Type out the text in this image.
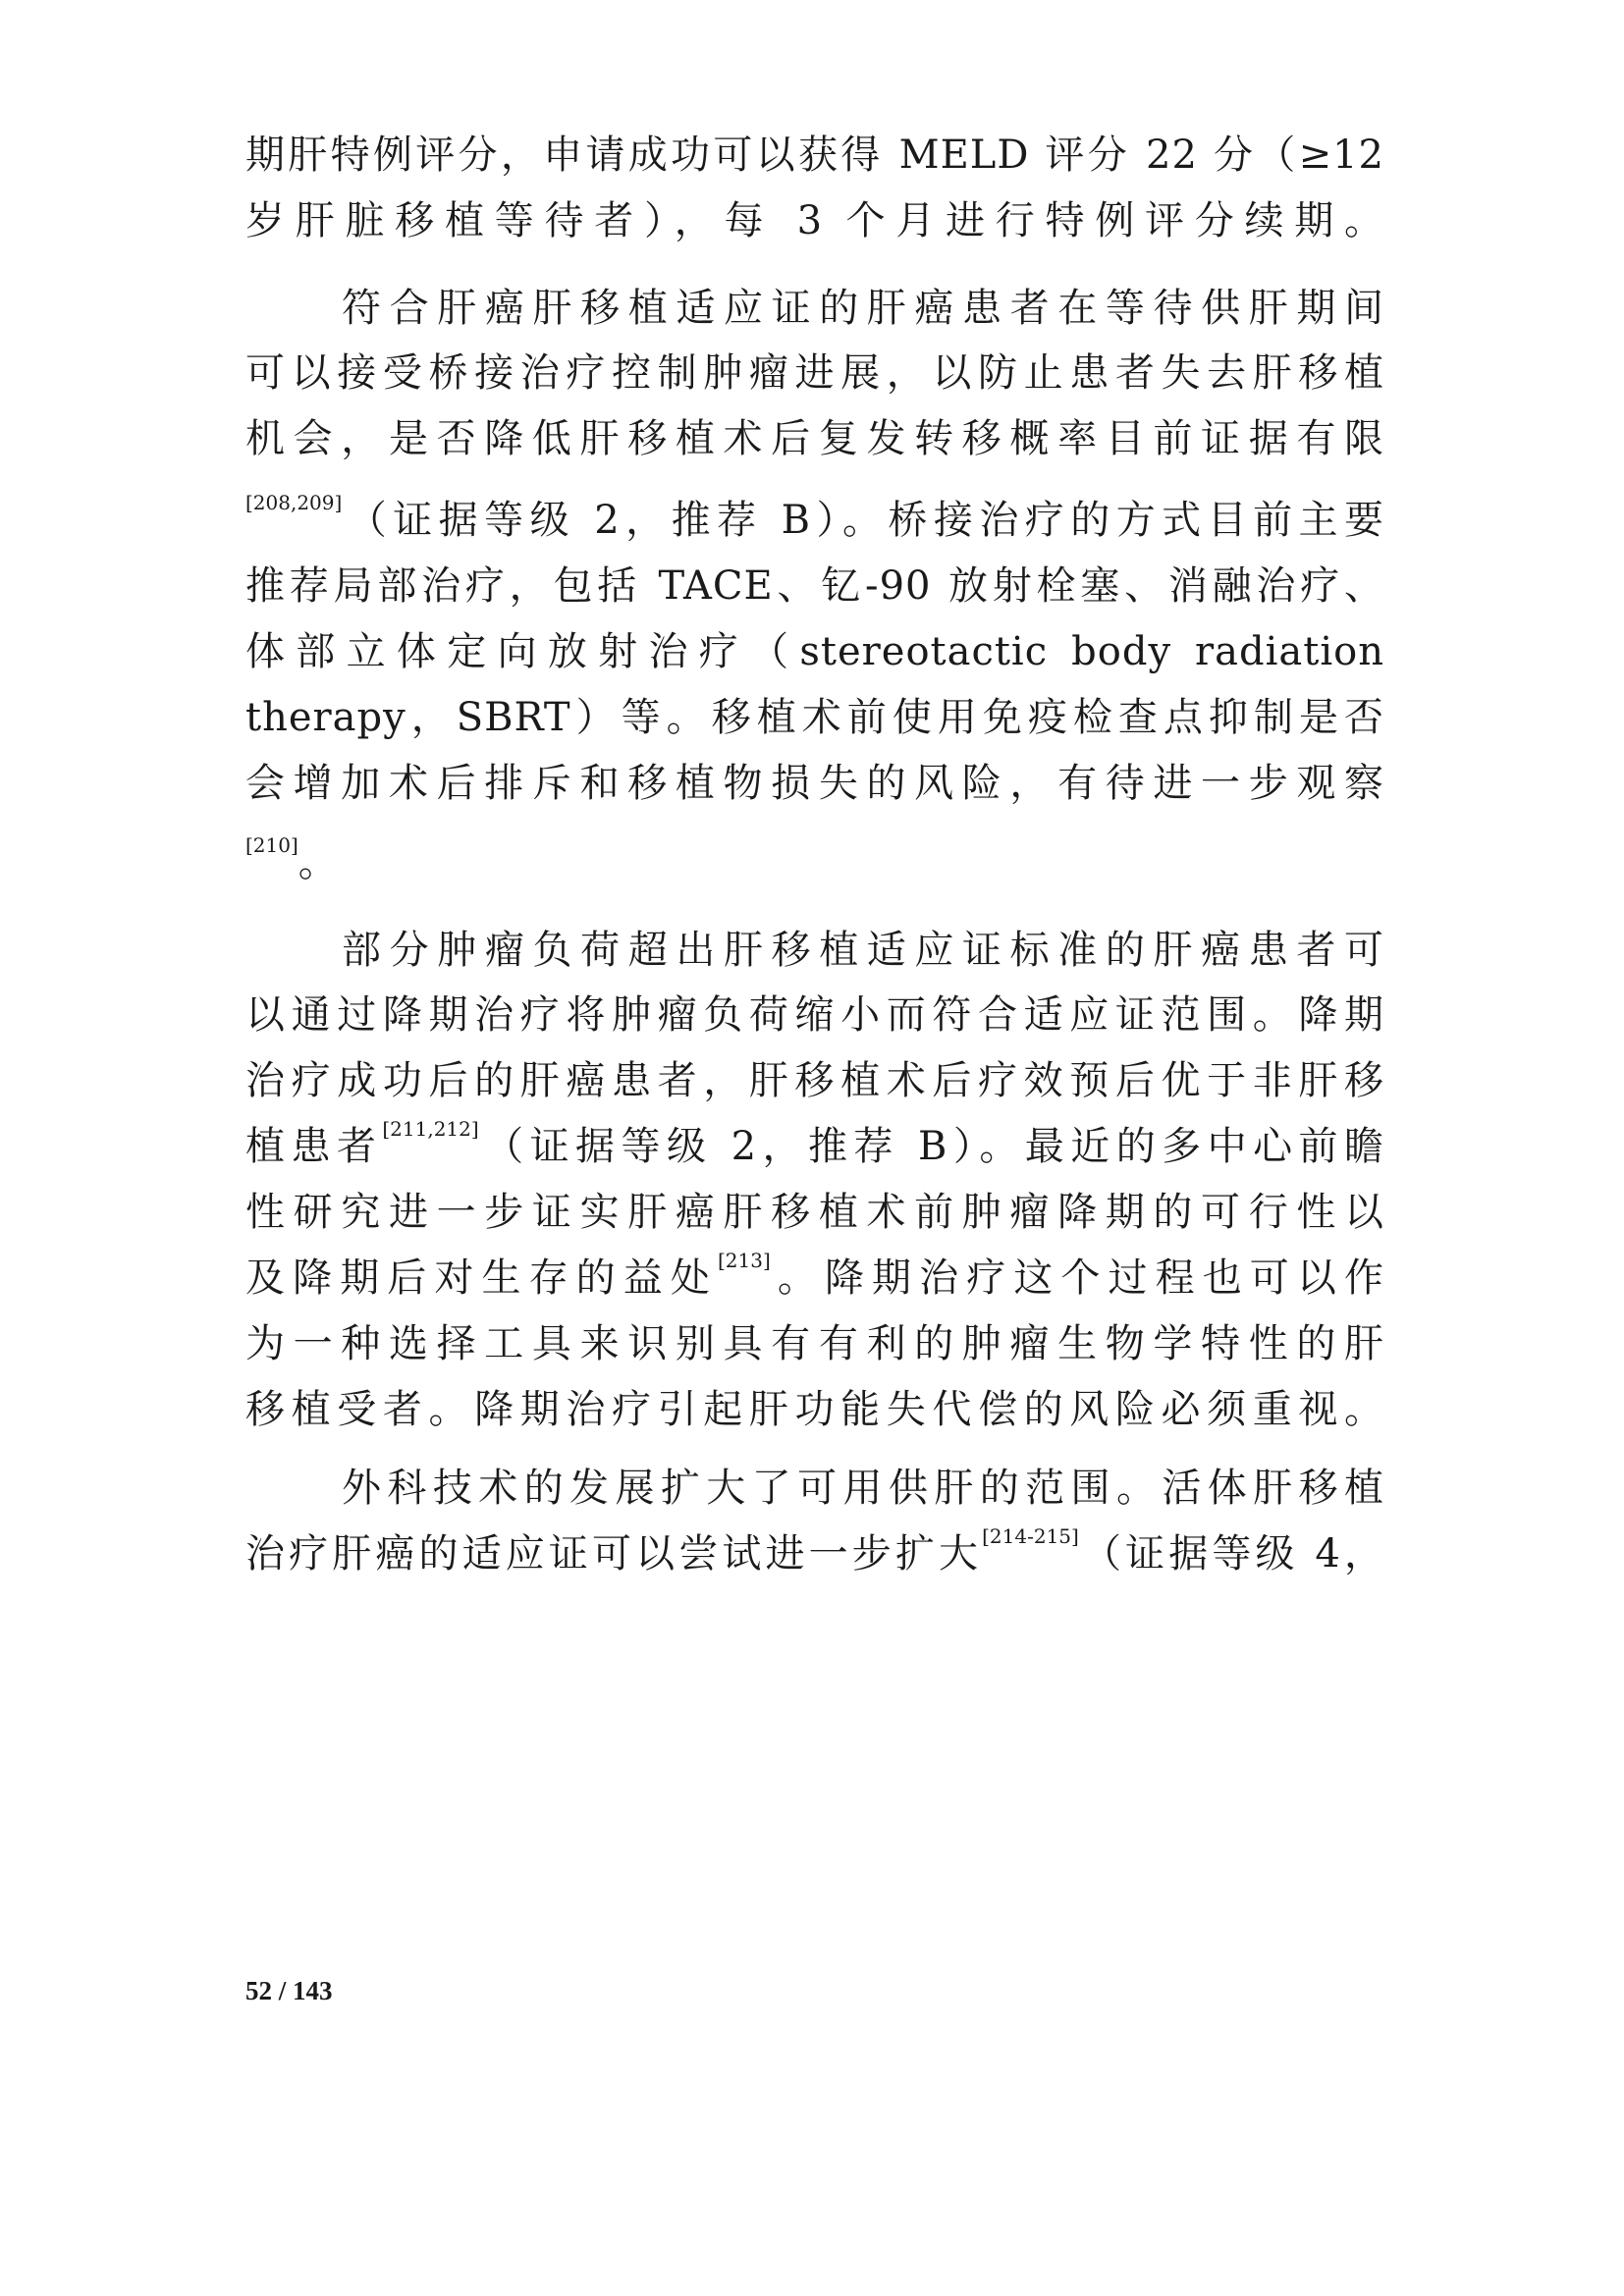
期肝特例评分，申请成功可以获得 MELD 评分 22 分（≥12
岁肝脏移植等待者），每 3 个月进行特例评分续期。
符合肝癌肝移植适应证的肝癌患者在等待供肝期间
可以接受桥接治疗控制肿瘤进展，以防止患者失去肝移植
机会，是否降低肝移植术后复发转移概率目前证据有限
[208,209]（证据等级 2，推荐 B）。桥接治疗的方式目前主要
推荐局部治疗，包括 TACE、钇-90 放射栓塞、消融治疗、
体部立体定向放射治疗（stereotactic body radiation
therapy，SBRT）等。移植术前使用免疫检查点抑制是否
会增加术后排斥和移植物损失的风险，有待进一步观察
[210]。
部分肿瘤负荷超出肝移植适应证标准的肝癌患者可
以通过降期治疗将肿瘤负荷缩小而符合适应证范围。降期
治疗成功后的肝癌患者，肝移植术后疗效预后优于非肝移
植患者[211,212]（证据等级 2，推荐 B）。最近的多中心前瞻
性研究进一步证实肝癌肝移植术前肿瘤降期的可行性以
及降期后对生存的益处[213]。降期治疗这个过程也可以作
为一种选择工具来识别具有有利的肿瘤生物学特性的肝
移植受者。降期治疗引起肝功能失代偿的风险必须重视。
外科技术的发展扩大了可用供肝的范围。活体肝移植
治疗肝癌的适应证可以尝试进一步扩大[214-215]（证据等级 4，
52 / 143
